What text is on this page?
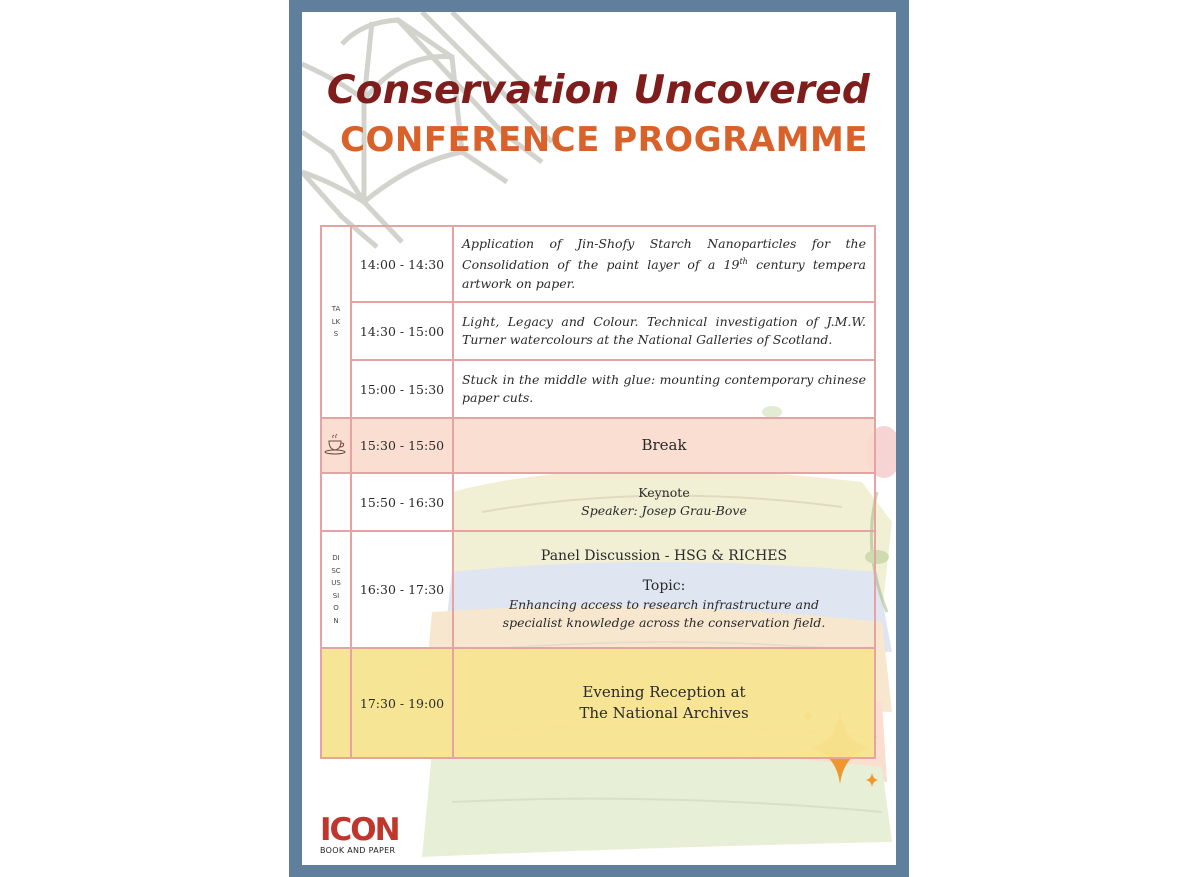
Conservation Uncovered
CONFERENCE PROGRAMME
TALKS	14:00 - 14:30	Application of Jin-Shofy Starch Nanoparticles for the Consolidation of the paint layer of a 19th century tempera artwork on paper.
	14:30 - 15:00	Light, Legacy and Colour. Technical investigation of J.M.W. Turner watercolours at the National Galleries of Scotland.
	15:00 - 15:30	Stuck in the middle with glue: mounting contemporary chinese paper cuts.
	15:30 - 15:50	Break
	15:50 - 16:30	Keynote
Speaker: Josep Grau-Bove

DISCUSSION	16:30 - 17:30	Panel Discussion - HSG & RICHES
Topic:
Enhancing access to research infrastructure and specialist knowledge across the conservation field.

	17:30 - 19:00	Evening Reception at
The National Archives
ICON
BOOK AND PAPER
